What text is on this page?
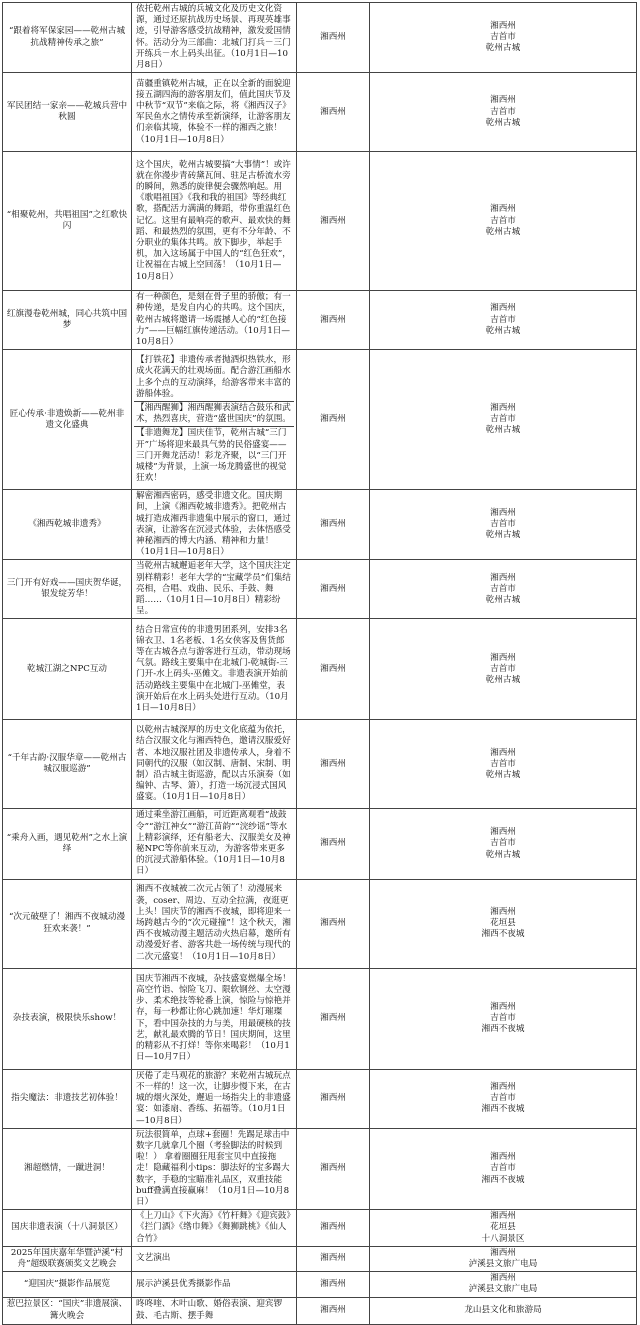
“跟着将军保家园——乾州古城抗战精神传承之旅”	依托乾州古城的兵城文化及历史文化资源，通过还原抗战历史场景、再现英雄事迹，引导游客感受抗战精神，激发爱国情怀。活动分为三部曲：北城门打兵－三门开练兵－水上码头出征。（10月1日—10月8日）	湘西州	湘西州
吉首市
乾州古城

军民团结一家亲——乾城兵营中秋圆	苗疆重镇乾州古城，正在以全新的面貌迎接五湖四海的游客朋友们，值此国庆节及中秋节“双节”来临之际，将《湘西汉子》军民鱼水之情传承至新演绎，让游客朋友们亲临其境，体验不一样的湘西之旅！（10月1日—10月8日）	湘西州	湘西州
吉首市
乾州古城

“相聚乾州，共唱祖国”之红歌快闪	这个国庆，乾州古城要搞“大事情”！或许就在你漫步青砖黛瓦间、驻足古桥流水旁的瞬间，熟悉的旋律便会骤然响起。用《歌唱祖国》《我和我的祖国》等经典红歌，搭配活力满满的舞蹈，带你重温红色记忆。这里有最响亮的歌声、最欢快的舞蹈、和最热烈的氛围，更有不分年龄、不分职业的集体共鸣。放下脚步，举起手机，加入这场属于中国人的“红色狂欢”，让祝福在古城上空回荡！（10月1日—10月8日）	湘西州	湘西州
吉首市
乾州古城

红旗漫卷乾州城，同心共筑中国梦	有一种颜色，是刻在骨子里的骄傲；有一种传递，是发自内心的共鸣。这个国庆，乾州古城将邀请一场震撼人心的“红色接力”——巨幅红旗传递活动。（10月1日—10月8日）	湘西州	湘西州
吉首市
乾州古城

匠心传承·非遗焕新——乾州非遗文化盛典	【打铁花】非遗传承者抛洒炽热铁水，形成火花满天的壮观场面。配合游江画船水上多个点的互动演绎，给游客带来丰富的游船体验。
【湘西醒狮】湘西醒狮表演结合鼓乐和武术，热烈喜庆，营造“盛世国庆”的氛围。
【非遗舞龙】国庆佳节，乾州古城“三门开”广场将迎来最具气势的民俗盛宴——三门开舞龙活动！彩龙齐聚，以“三门开城楼”为背景，上演一场龙腾盛世的视觉狂欢！	湘西州	湘西州
吉首市
乾州古城

《湘西乾城非遗秀》	解密湘西密码，感受非遗文化。国庆期间，上演《湘西乾城非遗秀》。把乾州古城打造成湘西非遗集中展示的窗口，通过表演，让游客在沉浸式体验，去体悟感受神秘湘西的博大内涵、精神和力量！（10月1日—10月8日）	湘西州	湘西州
吉首市
乾州古城

三门开有好戏——国庆贺华诞，银发绽芳华！	当乾州古城邂逅老年大学，这个国庆注定别样精彩！老年大学的“宝藏学员”们集结亮相，合唱、戏曲、民乐、手鼓、舞蹈……（10月1日—10月8日）精彩纷呈。	湘西州	湘西州
吉首市
乾州古城

乾城江湖之NPC互动	结合日常宣传的非遗男团系列，安排3名锦衣卫、1名老板、1名女侠客及售货郎等在古城各点与游客进行互动，带动现场气氛。路线主要集中在北城门-乾城街-三门开-水上码头-巫傩文。非遗表演开始前活动路线主要集中在北城门-巫傩堂，表演开始后在水上码头处进行互动。（10月1日—10月8日）	湘西州	湘西州
吉首市
乾州古城

“千年古韵·汉服华章——乾州古城汉服巡游”	以乾州古城深厚的历史文化底蕴为依托，结合汉服文化与湘西特色，邀请汉服爱好者、本地汉服社团及非遗传承人，身着不同朝代的汉服（如汉制、唐制、宋制、明制）沿古城主街巡游，配以古乐演奏（如编钟、古琴、箫），打造一场沉浸式国风盛宴。（10月1日—10月8日）	湘西州	湘西州
吉首市
乾州古城

“乘舟入画，遇见乾州”之水上演绎	通过乘坐游江画船，可近距离观看“战鼓令”“游江神女”“游江苗韵”“浣纱谣”等水上精彩演绎，还有船老大、汉服美女及神秘NPC等你前来互动，为游客带来更多的沉浸式游船体验。（10月1日—10月8日）	湘西州	湘西州
吉首市
乾州古城

“次元破壁了！湘西不夜城动漫狂欢来袭！”	湘西不夜城被二次元占领了！动漫展来袭，coser、周边、互动全拉满，夜逛更上头！国庆节的湘西不夜城，即将迎来一场跨越古今的“次元碰撞”！这个秋天，湘西不夜城动漫主题活动火热启幕，邀所有动漫爱好者、游客共赴一场传统与现代的二次元盛宴！（10月1日—10月8日）	湘西州	湘西州
花垣县
湘西不夜城

杂技表演，极限快乐show！	国庆节湘西不夜城，杂技盛宴燃爆全场！高空竹诣、惊险飞刀、限软钢丝、太空漫步、柔术绝技等轮番上演，惊险与惊艳并存，每一秒都让你心跳加速！华灯璀璨下，看中国杂技的力与美，用最硬核的技艺，献礼最欢腾的节日！国庆期间，这里的精彩从不打烊！等你来喝彩！（10月1日—10月7日）	湘西州	湘西州
吉首市
湘西不夜城

指尖魔法：非遗技艺初体验！	厌倦了走马观花的旅游？来乾州古城玩点不一样的！这一次，让脚步慢下来，在古城的烟火深处，邂逅一场指尖上的非遗盛宴：如漆扇、香练、拓福等。（10月1日—10月8日）	湘西州	湘西州
吉首市
湘西不夜城

湘超燃情，一蹴进洞！	玩法很简单，点球+套圈！先踢足球击中数字几就拿几个圈（考验脚法的时候到啦！） 拿着圈圈狂甩套宝贝中直接拖走！隐藏福利小tips：脚法好的宝多踢大数字，手稳的宝瞄准礼品区，双重技能buff叠满直接赢麻！（10月1日—10月8日）	湘西州	湘西州
吉首市
湘西不夜城

国庆非遗表演（十八洞景区）	《上刀山》《下火海》《竹杆舞》《迎宾鼓》《拦门酒》《绺巾舞》《舞狮跳桃》《仙人合竹》	湘西州	湘西州
花垣县
十八洞景区

2025年国庆嘉年华暨泸溪“村舟”超级联赛颁奖文艺晚会	文艺演出	湘西州	湘西州
泸溪县文旅广电局

“迎国庆”摄影作品展览	展示泸溪县优秀摄影作品	湘西州	湘西州
泸溪县文旅广电局

惹巴拉景区：“国庆”非遗展演、篝火晚会	咚咚喹、木叶山歌、婚俗表演、迎宾锣鼓、毛古斯、摆手舞	湘西州	龙山县文化和旅游局
